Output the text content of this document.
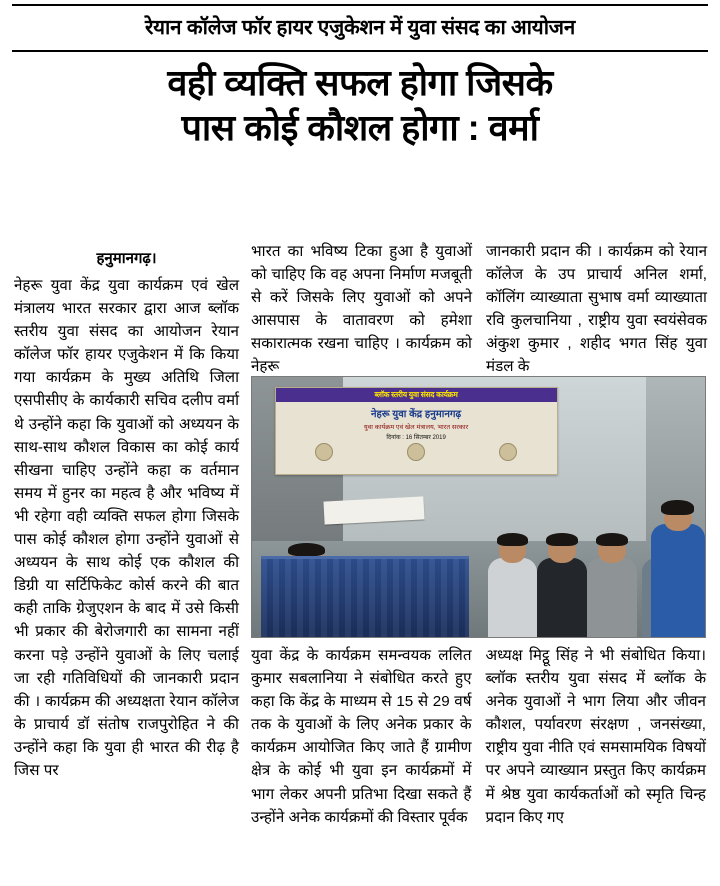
रेयान कॉलेज फॉर हायर एजुकेशन में युवा संसद का आयोजन
वही व्यक्ति सफल होगा जिसके
पास कोई कौशल होगा : वर्मा
हनुमानगढ़।
नेहरू युवा केंद्र युवा कार्यक्रम एवं खेल मंत्रालय भारत सरकार द्वारा आज ब्लॉक स्तरीय युवा संसद का आयोजन रेयान कॉलेज फॉर हायर एजुकेशन में कि किया गया कार्यक्रम के मुख्य अतिथि जिला एसपीसीए के कार्यकारी सचिव दलीप वर्मा थे उन्होंने कहा कि युवाओं को अध्ययन के साथ-साथ कौशल विकास का कोई कार्य सीखना चाहिए उन्होंने कहा क वर्तमान समय में हुनर का महत्व है और भविष्य में भी रहेगा वही व्यक्ति सफल होगा जिसके पास कोई कौशल होगा उन्होंने युवाओं से अध्ययन के साथ कोई एक कौशल की डिग्री या सर्टिफिकेट कोर्स करने की बात कही ताकि ग्रेजुएशन के बाद में उसे किसी भी प्रकार की बेरोजगारी का सामना नहीं करना पड़े उन्होंने युवाओं के लिए चलाई जा रही गतिविधियों की जानकारी प्रदान की । कार्यक्रम की अध्यक्षता रेयान कॉलेज के प्राचार्य डॉ संतोष राजपुरोहित ने की उन्होंने कहा कि युवा ही भारत की रीढ़ है जिस पर
भारत का भविष्य टिका हुआ है युवाओं को चाहिए कि वह अपना निर्माण मजबूती से करें जिसके लिए युवाओं को अपने आसपास के वातावरण को हमेशा सकारात्मक रखना चाहिए । कार्यक्रम को नेहरू
जानकारी प्रदान की । कार्यक्रम को रेयान कॉलेज के उप प्राचार्य अनिल शर्मा, कॉलिंग व्याख्याता सुभाष वर्मा व्याख्याता रवि कुलचानिया , राष्ट्रीय युवा स्वयंसेवक अंकुश कुमार , शहीद भगत सिंह युवा मंडल के
ब्लॉक स्तरीय युवा संसद कार्यक्रम
नेहरू युवा कें‌द्र हनुमानगढ़
युवा कार्यक्रम एवं खेल मंत्रालय, भारत सरकार
दिनांक : 16 सितम्बर 2019
युवा केंद्र के कार्यक्रम समन्वयक ललित कुमार सबलानिया ने संबोधित करते हुए कहा कि केंद्र के माध्यम से 15 से 29 वर्ष तक के युवाओं के लिए अनेक प्रकार के कार्यक्रम आयोजित किए जाते हैं ग्रामीण क्षेत्र के कोई भी युवा इन कार्यक्रमों में भाग लेकर अपनी प्रतिभा दिखा सकते हैं उन्होंने अनेक कार्यक्रमों की विस्तार पूर्वक
अध्यक्ष मिट्ठू सिंह ने भी संबोधित किया। ब्लॉक स्तरीय युवा संसद में ब्लॉक के अनेक युवाओं ने भाग लिया और जीवन कौशल, पर्यावरण संरक्षण , जनसंख्या, राष्ट्रीय युवा नीति एवं समसामयिक विषयों पर अपने व्याख्यान प्रस्तुत किए कार्यक्रम में श्रेष्ठ युवा कार्यकर्ताओं को स्मृति चिन्ह प्रदान किए गए
